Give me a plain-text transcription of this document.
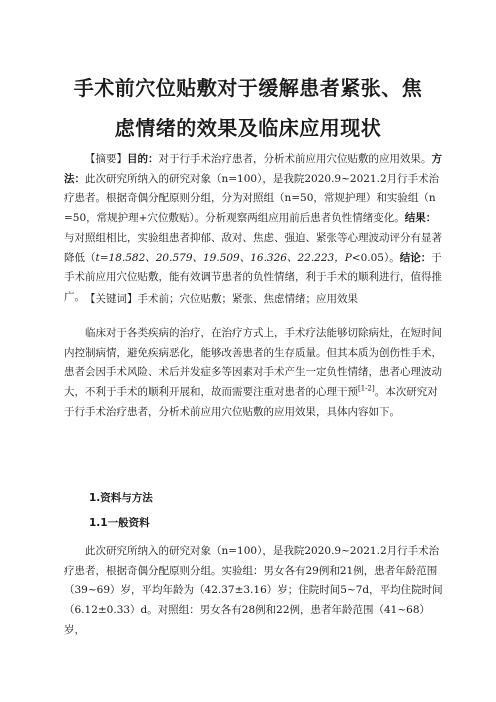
手术前穴位贴敷对于缓解患者紧张、焦
虑情绪的效果及临床应用现状

【摘要】目的：对于行手术治疗患者，分析术前应用穴位贴敷的应用效果。方法：此次研究所纳入的研究对象（n=100），是我院2020.9~2021.2月行手术治疗患者。根据奇偶分配原则分组，分为对照组（n=50，常规护理）和实验组（n=50，常规护理+穴位敷贴）。分析观察两组应用前后患者负性情绪变化。结果：与对照组相比，实验组患者抑郁、敌对、焦虑、强迫、紧张等心理波动评分有显著降低（t=18.582、20.579、19.509、16.326、22.223，P<0.05）。结论：于手术前应用穴位贴敷，能有效调节患者的负性情绪，利于手术的顺利进行，值得推广。 【关键词】手术前；穴位贴敷；紧张、焦虑情绪；应用效果

临床对于各类疾病的治疗，在治疗方式上，手术疗法能够切除病灶，在短时间内控制病情，避免疾病恶化，能够改善患者的生存质量。但其本质为创伤性手术，患者会因手术风险、术后并发症多等因素对手术产生一定负性情绪，患者心理波动大，不利于手术的顺利开展和，故而需要注重对患者的心理干预[1-2]。本次研究对于行手术治疗患者，分析术前应用穴位贴敷的应用效果，具体内容如下。

1.资料与方法
1.1一般资料

此次研究所纳入的研究对象（n=100），是我院2020.9~2021.2月行手术治疗患者，根据奇偶分配原则分组。实验组：男女各有29例和21例，患者年龄范围（39~69）岁，平均年龄为（42.37±3.16）岁；住院时间5~7d，平均住院时间（6.12±0.33）d。对照组：男女各有28例和22例，患者年龄范围（41~68）岁，
